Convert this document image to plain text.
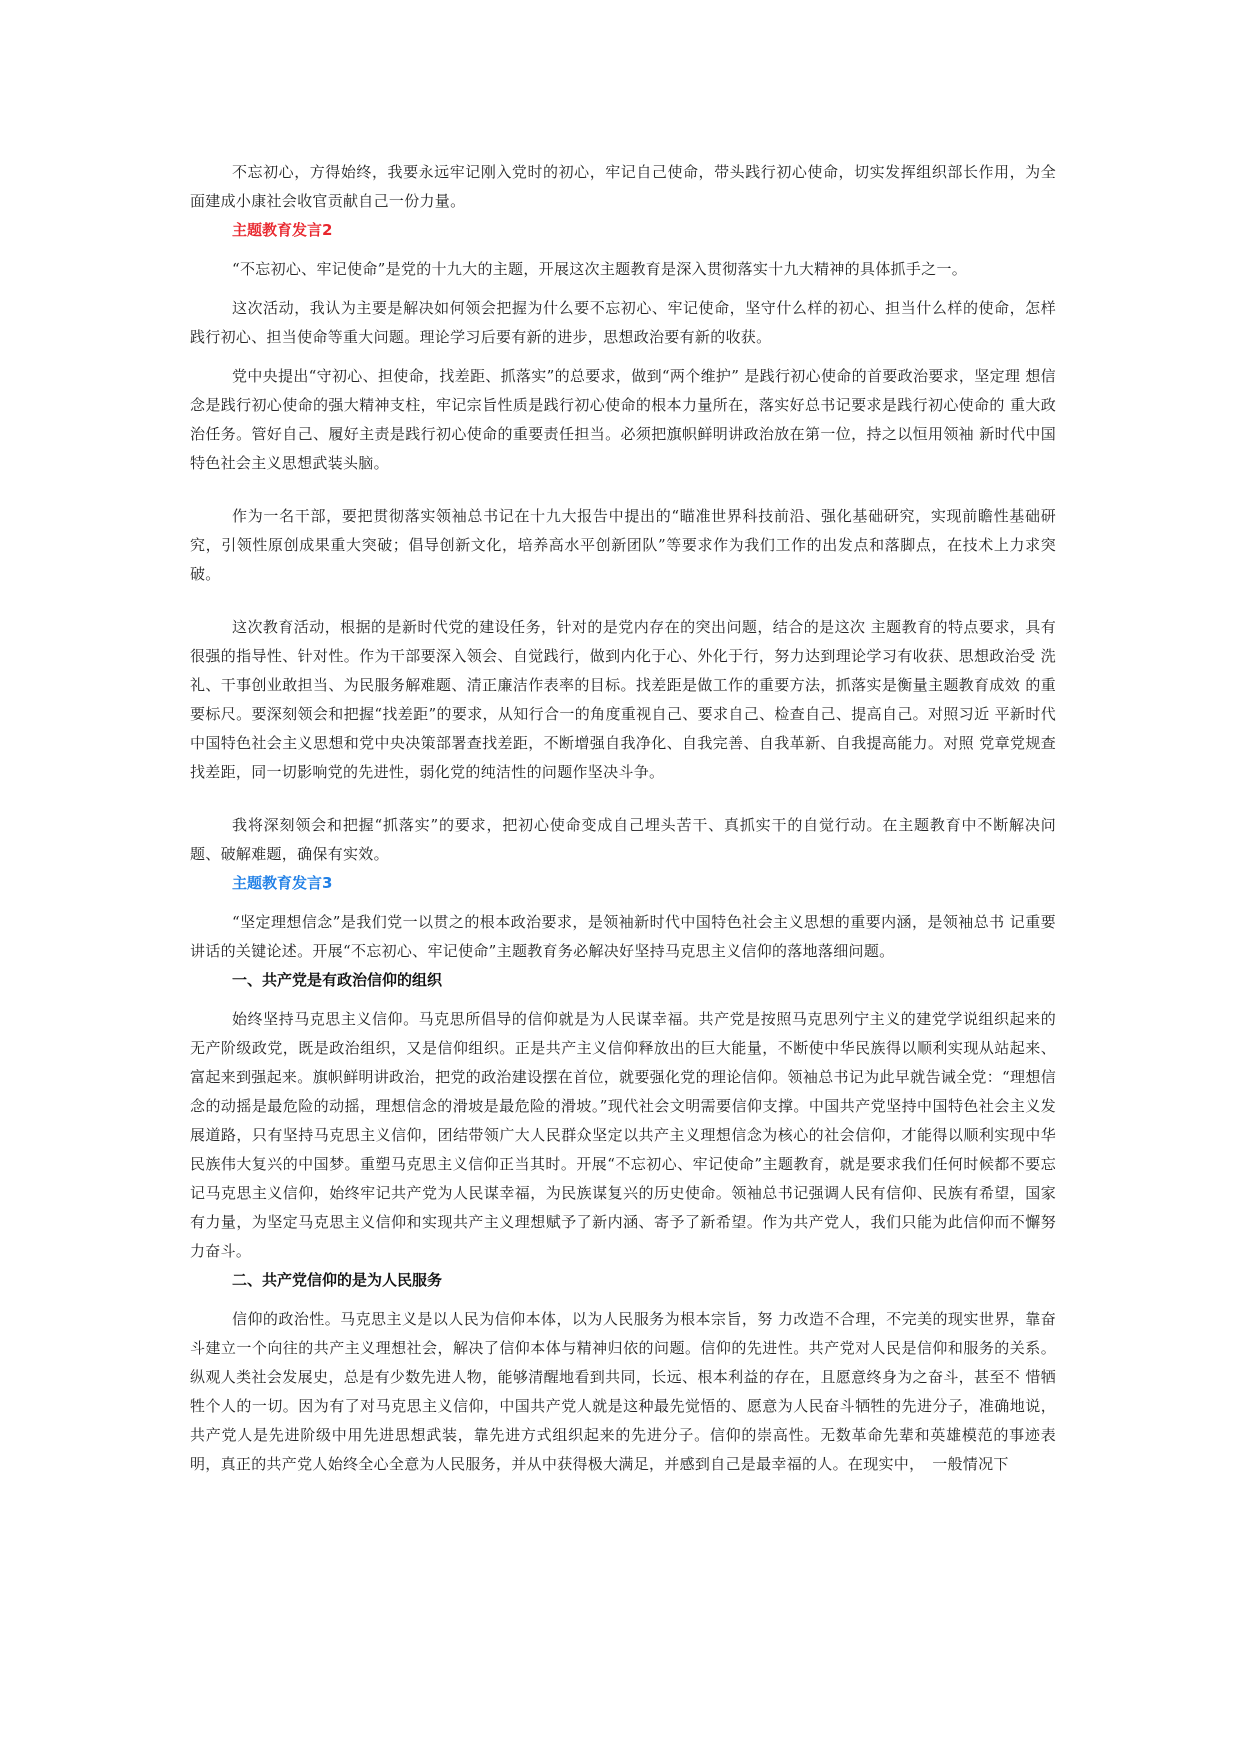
不忘初心，方得始终，我要永远牢记刚入党时的初心，牢记自己使命，带头践行初心使命，切实发挥组织部长作用，为全 面建成小康社会收官贡献自己一份力量。

主题教育发言2

“不忘初心、牢记使命”是党的十九大的主题，开展这次主题教育是深入贯彻落实十九大精神的具体抓手之一。

这次活动，我认为主要是解决如何领会把握为什么要不忘初心、牢记使命，坚守什么样的初心、担当什么样的使命，怎样 践行初心、担当使命等重大问题。理论学习后要有新的进步，思想政治要有新的收获。

党中央提出“守初心、担使命，找差距、抓落实”的总要求，做到“两个维护” 是践行初心使命的首要政治要求，坚定理 想信念是践行初心使命的强大精神支柱，牢记宗旨性质是践行初心使命的根本力量所在，落实好总书记要求是践行初心使命的 重大政治任务。管好自己、履好主责是践行初心使命的重要责任担当。必须把旗帜鲜明讲政治放在第一位，持之以恒用领袖 新时代中国特色社会主义思想武装头脑。

作为一名干部，要把贯彻落实领袖总书记在十九大报告中提出的“瞄准世界科技前沿、强化基础研究，实现前瞻性基础研究，引领性原创成果重大突破；倡导创新文化，培养高水平创新团队”等要求作为我们工作的出发点和落脚点，在技术上力求突破。

这次教育活动，根据的是新时代党的建设任务，针对的是党内存在的突出问题，结合的是这次 主题教育的特点要求，具有 很强的指导性、针对性。作为干部要深入领会、自觉践行，做到内化于心、外化于行，努力达到理论学习有收获、思想政治受 洗礼、干事创业敢担当、为民服务解难题、清正廉洁作表率的目标。找差距是做工作的重要方法，抓落实是衡量主题教育成效 的重要标尺。要深刻领会和把握“找差距”的要求，从知行合一的角度重视自己、要求自己、检查自己、提高自己。对照习近 平新时代中国特色社会主义思想和党中央决策部署查找差距，不断增强自我净化、自我完善、自我革新、自我提高能力。对照 党章党规查找差距，同一切影响党的先进性，弱化党的纯洁性的问题作坚决斗争。

我将深刻领会和把握“抓落实”的要求，把初心使命变成自己埋头苦干、真抓实干的自觉行动。在主题教育中不断解决问 题、破解难题，确保有实效。

主题教育发言3

“坚定理想信念”是我们党一以贯之的根本政治要求，是领袖新时代中国特色社会主义思想的重要内涵，是领袖总书 记重要讲话的关键论述。开展“不忘初心、牢记使命”主题教育务必解决好坚持马克思主义信仰的落地落细问题。

一、共产党是有政治信仰的组织

始终坚持马克思主义信仰。马克思所倡导的信仰就是为人民谋幸福。共产党是按照马克思列宁主义的建党学说组织起来的无产阶级政党，既是政治组织，又是信仰组织。正是共产主义信仰释放出的巨大能量，不断使中华民族得以顺利实现从站起来、富起来到强起来。旗帜鲜明讲政治，把党的政治建设摆在首位，就要强化党的理论信仰。领袖总书记为此早就告诫全党：“理想信念的动摇是最危险的动摇，理想信念的滑坡是最危险的滑坡。”现代社会文明需要信仰支撑。中国共产党坚持中国特色社会主义发展道路，只有坚持马克思主义信仰，团结带领广大人民群众坚定以共产主义理想信念为核心的社会信仰，才能得以顺利实现中华民族伟大复兴的中国梦。重塑马克思主义信仰正当其时。开展“不忘初心、牢记使命”主题教育，就是要求我们任何时候都不要忘记马克思主义信仰，始终牢记共产党为人民谋幸福，为民族谋复兴的历史使命。领袖总书记强调人民有信仰、民族有希望，国家有力量，为坚定马克思主义信仰和实现共产主义理想赋予了新内涵、寄予了新希望。作为共产党人，我们只能为此信仰而不懈努力奋斗。

二、共产党信仰的是为人民服务

信仰的政治性。马克思主义是以人民为信仰本体，以为人民服务为根本宗旨，努 力改造不合理，不完美的现实世界，靠奋斗建立一个向往的共产主义理想社会，解决了信仰本体与精神归依的问题。信仰的先进性。共产党对人民是信仰和服务的关系。纵观人类社会发展史，总是有少数先进人物，能够清醒地看到共同，长远、根本利益的存在，且愿意终身为之奋斗，甚至不 惜牺牲个人的一切。因为有了对马克思主义信仰，中国共产党人就是这种最先觉悟的、愿意为人民奋斗牺牲的先进分子，准确地说，共产党人是先进阶级中用先进思想武装，靠先进方式组织起来的先进分子。信仰的崇高性。无数革命先辈和英雄模范的事迹表明，真正的共产党人始终全心全意为人民服务，并从中获得极大满足，并感到自己是最幸福的人。在现实中，　一般情况下
